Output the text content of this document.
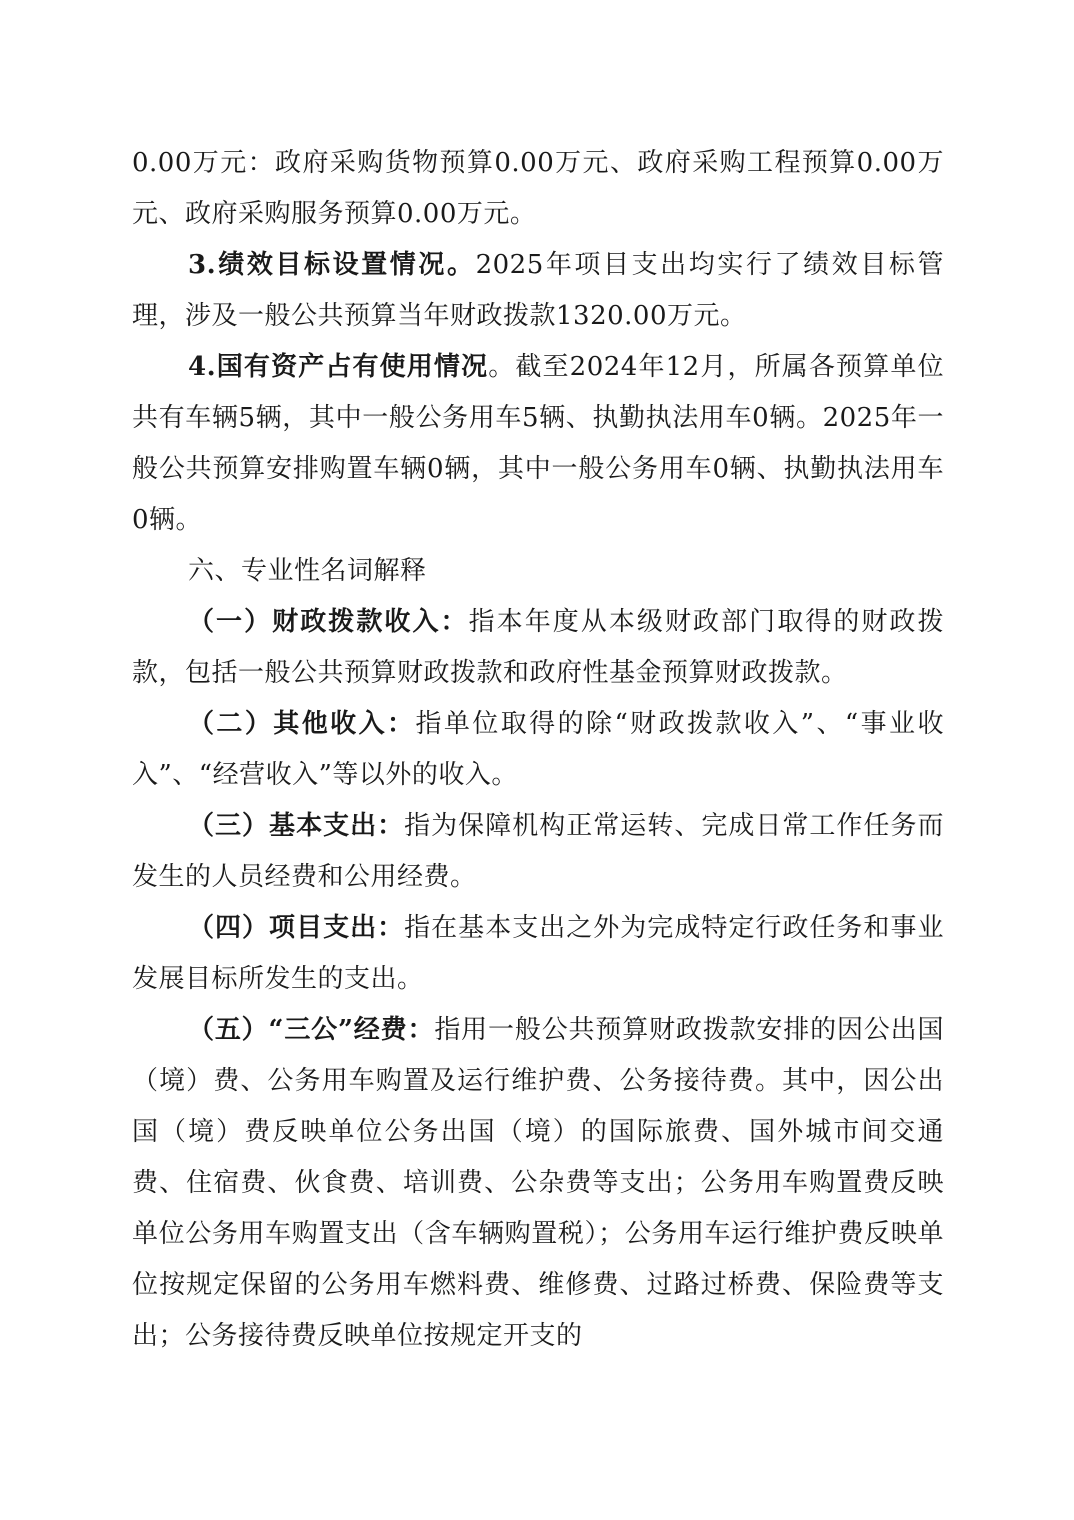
0.00万元：政府采购货物预算0.00万元、政府采购工程预算0.00万元、政府采购服务预算0.00万元。

3.绩效目标设置情况。2025年项目支出均实行了绩效目标管理，涉及一般公共预算当年财政拨款1320.00万元。

4.国有资产占有使用情况。截至2024年12月，所属各预算单位共有车辆5辆，其中一般公务用车5辆、执勤执法用车0辆。2025年一般公共预算安排购置车辆0辆，其中一般公务用车0辆、执勤执法用车0辆。

六、专业性名词解释

（一）财政拨款收入：指本年度从本级财政部门取得的财政拨款，包括一般公共预算财政拨款和政府性基金预算财政拨款。

（二）其他收入：指单位取得的除“财政拨款收入”、“事业收入”、“经营收入”等以外的收入。

（三）基本支出：指为保障机构正常运转、完成日常工作任务而发生的人员经费和公用经费。

（四）项目支出：指在基本支出之外为完成特定行政任务和事业发展目标所发生的支出。

（五）“三公”经费：指用一般公共预算财政拨款安排的因公出国（境）费、公务用车购置及运行维护费、公务接待费。其中，因公出国（境）费反映单位公务出国（境）的国际旅费、国外城市间交通费、住宿费、伙食费、培训费、公杂费等支出；公务用车购置费反映单位公务用车购置支出（含车辆购置税）；公务用车运行维护费反映单位按规定保留的公务用车燃料费、维修费、过路过桥费、保险费等支出；公务接待费反映单位按规定开支的
